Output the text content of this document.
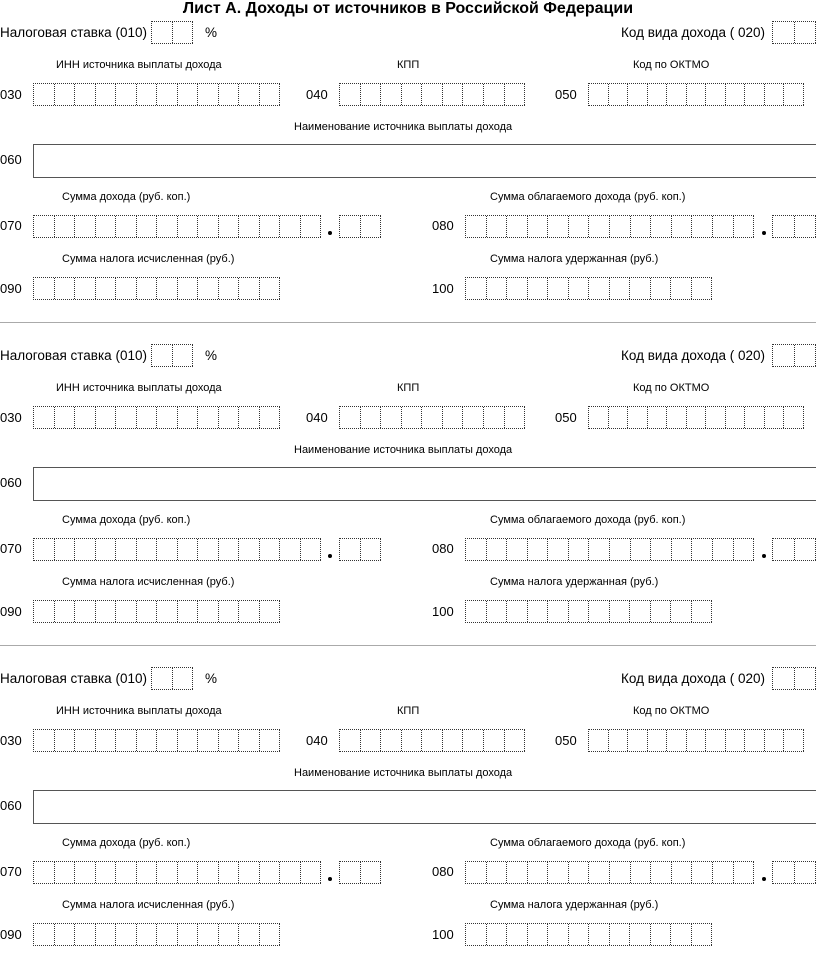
Лист А. Доходы от источников в Российской Федерации
Налоговая ставка (010)	%	Код вида дохода ( 020)
ИНН источника выплаты дохода	КПП	Код по ОКТМО
030	040	050
Наименование источника выплаты дохода
060
Сумма дохода (руб. коп.)	Сумма облагаемого дохода (руб. коп.)
070	080
Сумма налога исчисленная (руб.)	Сумма налога удержанная (руб.)
090	100
Налоговая ставка (010)	%	Код вида дохода ( 020)
ИНН источника выплаты дохода	КПП	Код по ОКТМО
030	040	050
Наименование источника выплаты дохода
060
Сумма дохода (руб. коп.)	Сумма облагаемого дохода (руб. коп.)
070	080
Сумма налога исчисленная (руб.)	Сумма налога удержанная (руб.)
090	100
Налоговая ставка (010)	%	Код вида дохода ( 020)
ИНН источника выплаты дохода	КПП	Код по ОКТМО
030	040	050
Наименование источника выплаты дохода
060
Сумма дохода (руб. коп.)	Сумма облагаемого дохода (руб. коп.)
070	080
Сумма налога исчисленная (руб.)	Сумма налога удержанная (руб.)
090	100
